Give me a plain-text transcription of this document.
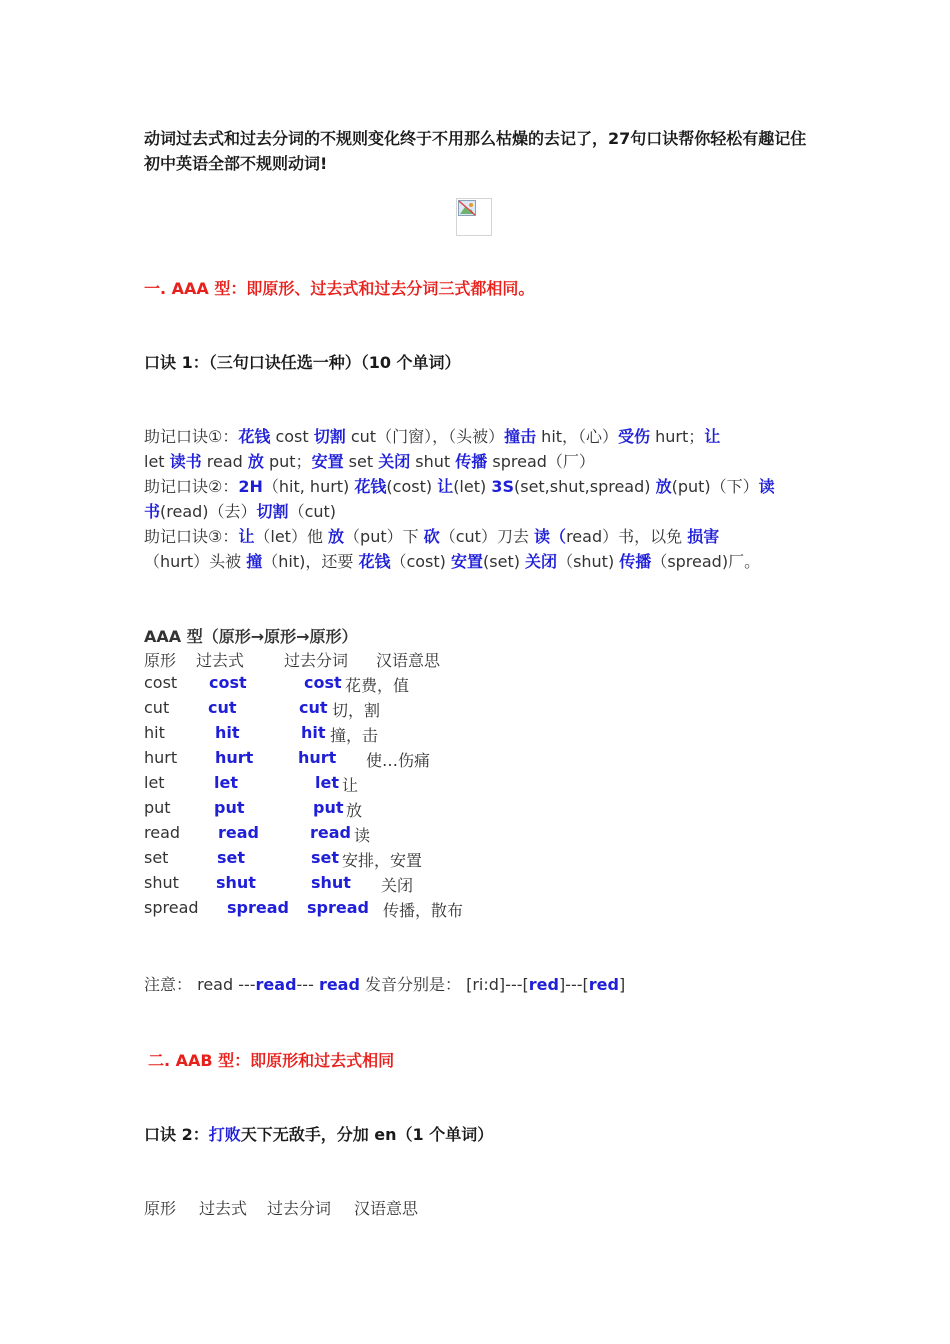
动词过去式和过去分词的不规则变化终于不用那么枯燥的去记了，27句口诀帮你轻松有趣记住初中英语全部不规则动词!
一. AAA 型：即原形、过去式和过去分词三式都相同。
口诀 1：（三句口诀任选一种）（10 个单词）
助记口诀①：花钱 cost 切割 cut（门窗），（头被）撞击 hit，（心）受伤 hurt；让
let 读书 read 放 put；安置 set 关闭 shut 传播 spread（厂）
助记口诀②：2H（hit, hurt) 花钱(cost) 让(let) 3S(set,shut,spread) 放(put)（下）读
书(read)（去）切割（cut)
助记口诀③：让（let）他 放（put）下 砍（cut）刀去 读（read）书，以免 损害
（hurt）头被 撞（hit)，还要 花钱（cost) 安置(set) 关闭（shut) 传播（spread)厂。
AAA 型（原形→原形→原形）
原形 过去式 过去分词 汉语意思
cost cost	cost 花费，值
cut cut	cut 切，割
hit	hit	hit 撞，击
hurt hurt	hurt 使…伤痛
let	let	let 让
put	put	put 放
read read	read 读
set	set	set 安排，安置
shut shut	shut 关闭
spread spread spread 传播，散布
注意： read ---read--- read 发音分别是： [ri:d]---[red]---[red]
二. AAB 型：即原形和过去式相同
口诀 2：打败天下无敌手，分加 en（1 个单词）
原形 过去式 过去分词 汉语意思
